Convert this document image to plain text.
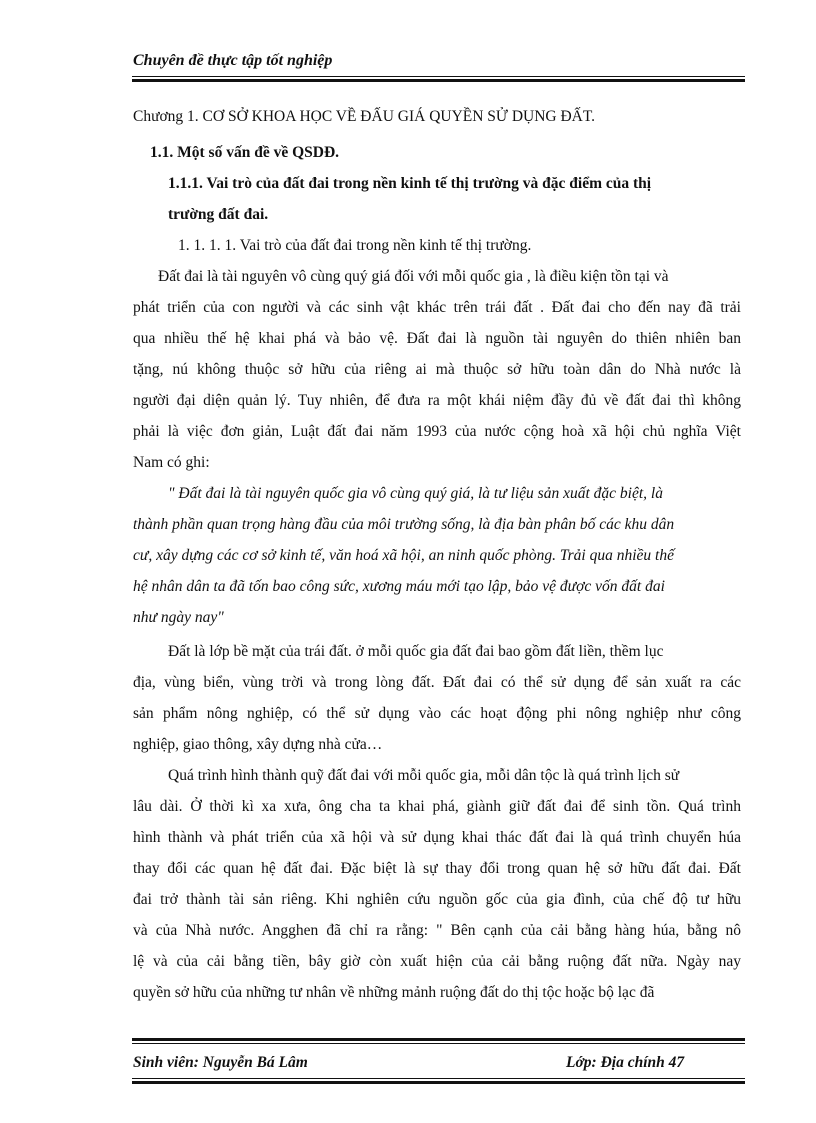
Chuyên đề thực tập tốt nghiệp
Chương 1. CƠ SỞ KHOA HỌC VỀ ĐẤU GIÁ QUYỀN SỬ DỤNG ĐẤT.
1.1. Một số vấn đề về QSDĐ.
1.1.1. Vai trò của đất đai trong nền kinh tế thị trường và đặc điểm của thị
trường đất đai.
1. 1. 1. 1. Vai trò của đất đai trong nền kinh tế thị trường.
Đất đai là tài nguyên vô cùng quý giá đối với mỗi quốc gia , là điều kiện tồn tại và
phát triển của con người và các sinh vật khác trên trái đất . Đất đai cho đến nay đã trải
qua nhiều thế hệ khai phá và bảo vệ. Đất đai là nguồn tài nguyên do thiên nhiên ban
tặng, nú không thuộc sở hữu của riêng ai mà thuộc sở hữu toàn dân do Nhà nước là
người đại diện quản lý. Tuy nhiên, để đưa ra một khái niệm đầy đủ về đất đai thì không
phải là việc đơn giản, Luật đất đai năm 1993 của nước cộng hoà xã hội chủ nghĩa Việt
Nam có ghi:
" Đất đai là tài nguyên quốc gia vô cùng quý giá, là tư liệu sản xuất đặc biệt, là
thành phần quan trọng hàng đầu của môi trường sống, là địa bàn phân bố các khu dân
cư, xây dựng các cơ sở kinh tế, văn hoá xã hội, an ninh quốc phòng. Trải qua nhiều thế
hệ nhân dân ta đã tốn bao công sức, xương máu mới tạo lập, bảo vệ được vốn đất đai
như ngày nay"
Đất là lớp bề mặt của trái đất. ở mỗi quốc gia đất đai bao gồm đất liền, thềm lục
địa, vùng biển, vùng trời và trong lòng đất. Đất đai có thể sử dụng để sản xuất ra các
sản phẩm nông nghiệp, có thể sử dụng vào các hoạt động phi nông nghiệp như công
nghiệp, giao thông, xây dựng nhà cửa…
Quá trình hình thành quỹ đất đai với mỗi quốc gia, mỗi dân tộc là quá trình lịch sử
lâu dài. Ở thời kì xa xưa, ông cha ta khai phá, giành giữ đất đai để sinh tồn. Quá trình
hình thành và phát triển của xã hội và sử dụng khai thác đất đai là quá trình chuyển húa
thay đổi các quan hệ đất đai. Đặc biệt là sự thay đổi trong quan hệ sở hữu đất đai. Đất
đai trở thành tài sản riêng. Khi nghiên cứu nguồn gốc của gia đình, của chế độ tư hữu
và của Nhà nước. Angghen đã chỉ ra rằng: " Bên cạnh của cải bằng hàng húa, bằng nô
lệ và của cải bằng tiền, bây giờ còn xuất hiện của cải bằng ruộng đất nữa. Ngày nay
quyền sở hữu của những tư nhân về những mảnh ruộng đất do thị tộc hoặc bộ lạc đã
Sinh viên: Nguyễn Bá Lâm	Lớp: Địa chính 47
